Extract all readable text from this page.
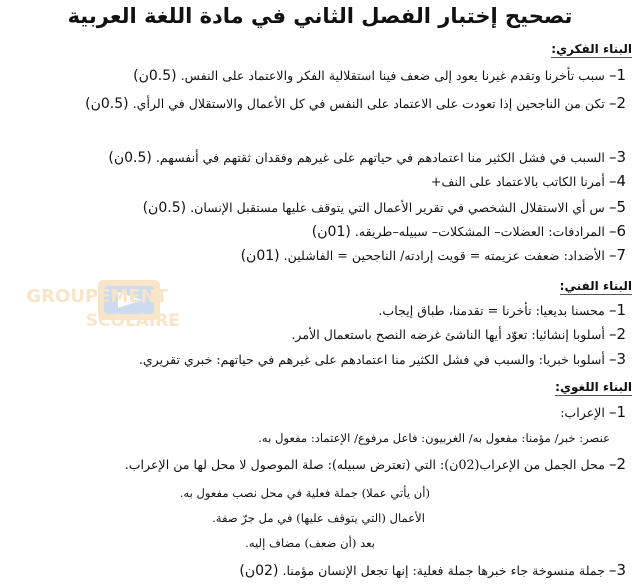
تصحيح إختبار الفصل الثاني في مادة اللغة العربية
GROUPEMENT
SCOLAIRE
البناء الفكري:
1– سبب تأخرنا وتقدم غيرنا يعود إلى ضعف فينا استقلالية الفكر والاعتماد على النفس. (0.5ن)
2– تكن من الناجحين إذا تعودت على الاعتماد على النفس في كل الأعمال والاستقلال في الرأي. (0.5ن)
3– السبب في فشل الكثير منا اعتمادهم في حياتهم على غيرهم وفقدان ثقتهم في أنفسهم. (0.5ن)
4– أمرنا الكاتب بالاعتماد على النف+
5– س أي الاستقلال الشخصي في تقرير الأعمال التي يتوقف عليها مستقبل الإنسان. (0.5ن)
6– المرادفات: العضلات– المشكلات– سبيله–طريقه. (01ن)
7– الأضداد: ضعفت عزيمته = قويت إرادته/ الناجحين = الفاشلين. (01ن)
البناء الفني:
1– محسنا بديعيا: تأخرنا = تقدمنا، طباق إيجاب.
2– أسلوبا إنشائيا: تعوّد أيها الناشئ غرضه النصح باستعمال الأمر.
3– أسلوبا خبريا: والسبب في فشل الكثير منا اعتمادهم على غيرهم في حياتهم: خبري تقريري.
البناء اللغوي:
1– الإعراب:
عنصر: خبر/ مؤمنا: مفعول به/ الغربيون: فاعل مرفوع/ الإعتماد: مفعول به.
2– محل الجمل من الإعراب(02ن): التي (تعترض سبيله): صلة الموصول لا محل لها من الإعراب.
(أن يأتي عملا) جملة فعلية في محل نصب مفعول به.
الأعمال (التي يتوقف عليها) في مل جرّ صفة.
بعد (أن ضعف) مضاف إليه.
3– جملة منسوخة جاء خبرها جملة فعلية: إنها تجعل الإنسان مؤمنا. (02ن)
